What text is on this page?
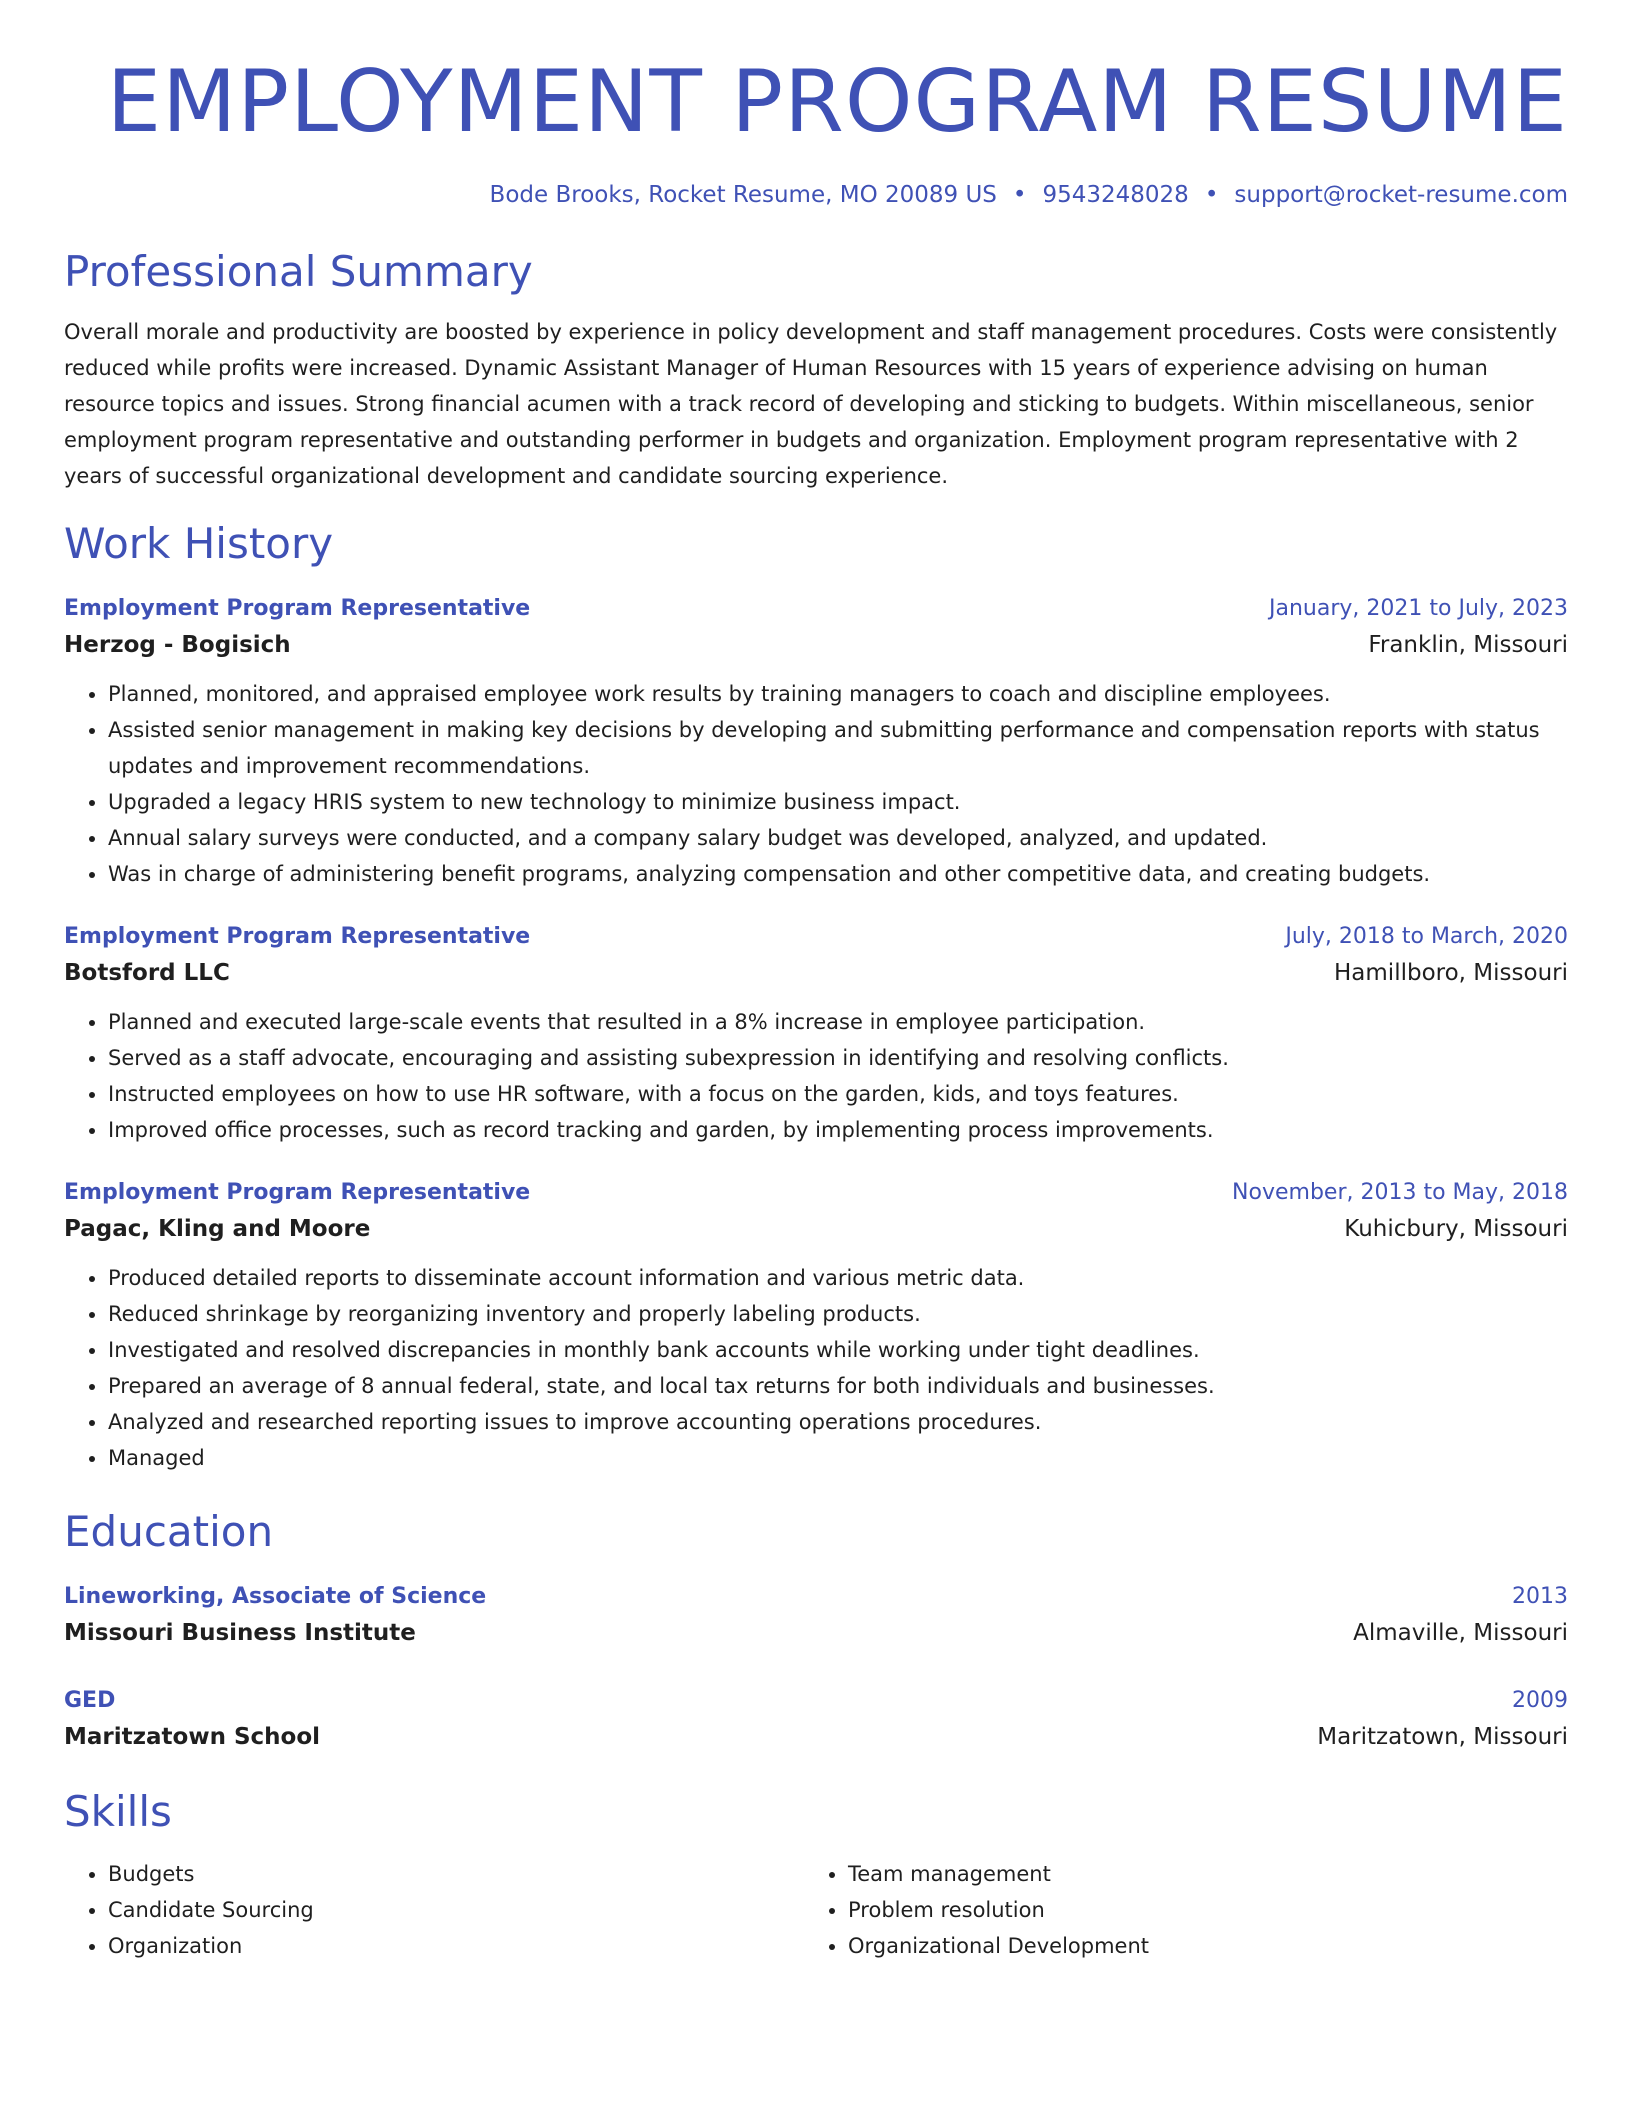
EMPLOYMENT PROGRAM RESUME
Bode Brooks, Rocket Resume, MO 20089 US • 9543248028 • support@rocket-resume.com
Professional Summary
Overall morale and productivity are boosted by experience in policy development and staff management procedures. Costs were consistently reduced while profits were increased. Dynamic Assistant Manager of Human Resources with 15 years of experience advising on human resource topics and issues. Strong financial acumen with a track record of developing and sticking to budgets. Within miscellaneous, senior employment program representative and outstanding performer in budgets and organization. Employment program representative with 2 years of successful organizational development and candidate sourcing experience.
Work History
Employment Program Representative	January, 2021 to July, 2023
Herzog - Bogisich	Franklin, Missouri
• Planned, monitored, and appraised employee work results by training managers to coach and discipline employees.
• Assisted senior management in making key decisions by developing and submitting performance and compensation reports with status updates and improvement recommendations.
• Upgraded a legacy HRIS system to new technology to minimize business impact.
• Annual salary surveys were conducted, and a company salary budget was developed, analyzed, and updated.
• Was in charge of administering benefit programs, analyzing compensation and other competitive data, and creating budgets.
Employment Program Representative	July, 2018 to March, 2020
Botsford LLC	Hamillboro, Missouri
• Planned and executed large-scale events that resulted in a 8% increase in employee participation.
• Served as a staff advocate, encouraging and assisting subexpression in identifying and resolving conflicts.
• Instructed employees on how to use HR software, with a focus on the garden, kids, and toys features.
• Improved office processes, such as record tracking and garden, by implementing process improvements.
Employment Program Representative	November, 2013 to May, 2018
Pagac, Kling and Moore	Kuhicbury, Missouri
• Produced detailed reports to disseminate account information and various metric data.
• Reduced shrinkage by reorganizing inventory and properly labeling products.
• Investigated and resolved discrepancies in monthly bank accounts while working under tight deadlines.
• Prepared an average of 8 annual federal, state, and local tax returns for both individuals and businesses.
• Analyzed and researched reporting issues to improve accounting operations procedures.
• Managed
Education
Lineworking, Associate of Science	2013
Missouri Business Institute	Almaville, Missouri
GED	2009
Maritzatown School	Maritzatown, Missouri
Skills
• Budgets
• Candidate Sourcing
• Organization
• Team management
• Problem resolution
• Organizational Development
